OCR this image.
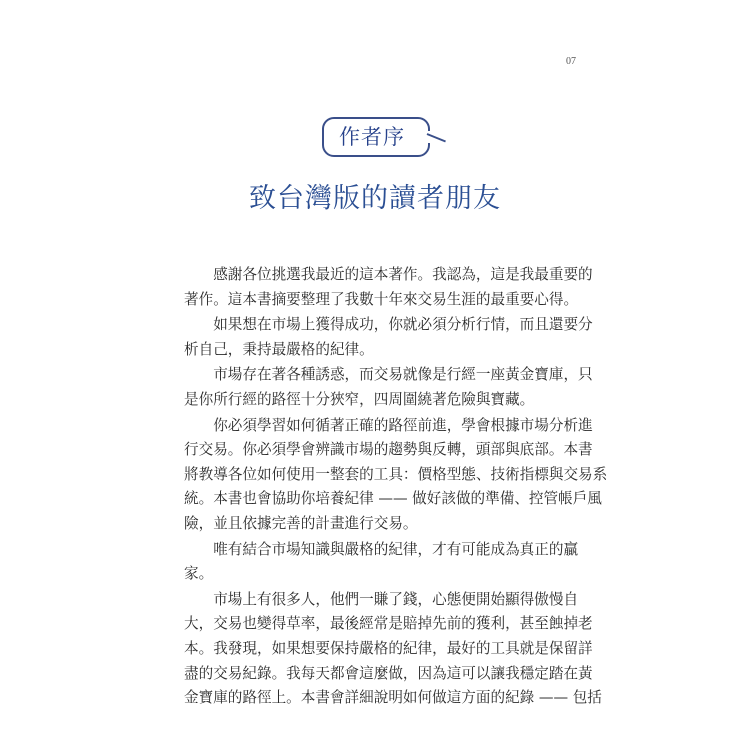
07
作者序
致台灣版的讀者朋友
感謝各位挑選我最近的這本著作。我認為，這是我最重要的
著作。這本書摘要整理了我數十年來交易生涯的最重要心得。
如果想在市場上獲得成功，你就必須分析行情，而且還要分
析自己，秉持最嚴格的紀律。
市場存在著各種誘惑，而交易就像是行經一座黃金寶庫，只
是你所行經的路徑十分狹窄，四周圍繞著危險與寶藏。
你必須學習如何循著正確的路徑前進，學會根據市場分析進
行交易。你必須學會辨識市場的趨勢與反轉，頭部與底部。本書
將教導各位如何使用一整套的工具：價格型態、技術指標與交易系
統。本書也會協助你培養紀律 —— 做好該做的準備、控管帳戶風
險，並且依據完善的計畫進行交易。
唯有結合市場知識與嚴格的紀律，才有可能成為真正的贏
家。
市場上有很多人，他們一賺了錢，心態便開始顯得傲慢自
大，交易也變得草率，最後經常是賠掉先前的獲利，甚至蝕掉老
本。我發現，如果想要保持嚴格的紀律，最好的工具就是保留詳
盡的交易紀錄。我每天都會這麼做，因為這可以讓我穩定踏在黃
金寶庫的路徑上。本書會詳細說明如何做這方面的紀錄 —— 包括
